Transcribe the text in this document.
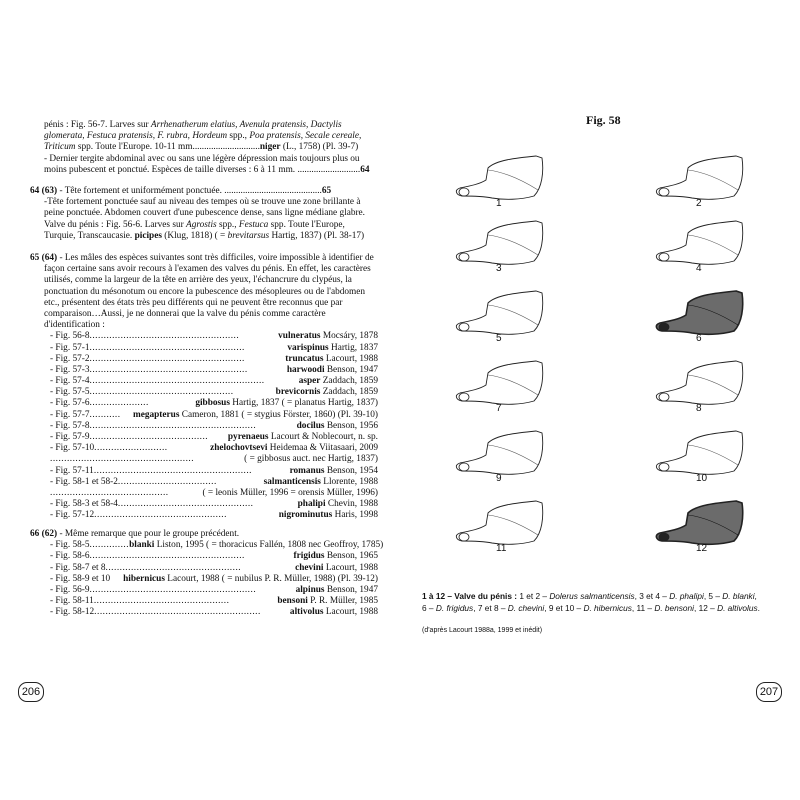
pénis : Fig. 56-7. Larves sur Arrhenatherum elatius, Avenula pratensis, Dactylis
glomerata, Festuca pratensis, F. rubra, Hordeum spp., Poa pratensis, Secale cereale,
Triticum spp. Toute l'Europe. 10-11 mm.............................niger (L., 1758) (Pl. 39-7)
- Dernier tergite abdominal avec ou sans une légère dépression mais toujours plus ou
moins pubescent et ponctué. Espèces de taille diverses : 6 à 11 mm. ...........................64
64 (63) - Tête fortement et uniformément ponctuée. ..........................................65
-Tête fortement ponctuée sauf au niveau des tempes où se trouve une zone brillante à
peine ponctuée. Abdomen couvert d'une pubescence dense, sans ligne médiane glabre.
Valve du pénis : Fig. 56-6. Larves sur Agrostis spp., Festuca spp. Toute l'Europe,
Turquie, Transcaucasie. picipes (Klug, 1818) ( = brevitarsus Hartig, 1837) (Pl. 38-17)
65 (64) - Les mâles des espèces suivantes sont très difficiles, voire impossible à identifier de
façon certaine sans avoir recours à l'examen des valves du pénis. En effet, les caractères
utilisés, comme la largeur de la tête en arrière des yeux, l'échancrure du clypéus, la
ponctuation du mésonotum ou encore la pubescence des mésopleures ou de l'abdomen
etc., présentent des états très peu différents qui ne peuvent être reconnus que par
comparaison…Aussi, je ne donnerai que la valve du pénis comme caractère
d'identification :
- Fig. 56-8 .....................................................	vulneratus Mocsáry, 1878
- Fig. 57-1 .......................................................	varispinus Hartig, 1837
- Fig. 57-2 .......................................................	truncatus Lacourt, 1988
- Fig. 57-3 ........................................................	harwoodi Benson, 1947
- Fig. 57-4 ..............................................................	asper Zaddach, 1859
- Fig. 57-5 ...................................................	brevicornis Zaddach, 1859
- Fig. 57-6 .....................	gibbosus Hartig, 1837 ( = planatus Hartig, 1837)
- Fig. 57-7 ...........	megapterus Cameron, 1881 ( = stygius Förster, 1860) (Pl. 39-10)
- Fig. 57-8 ...........................................................	docilus Benson, 1956
- Fig. 57-9 ..........................................	pyrenaeus Lacourt & Noblecourt, n. sp.
- Fig. 57-10 ..........................	zhelochovtsevi Heidemaa & Viitasaari, 2009
...................................................	( = gibbosus auct. nec Hartig, 1837)
- Fig. 57-11 ........................................................	romanus Benson, 1954
- Fig. 58-1 et 58-2 ...................................	salmanticensis Llorente, 1988
..........................................	( = leonis Müller, 1996 = orensis Müller, 1996)
- Fig. 58-3 et 58-4 ................................................	phalipi Chevin, 1988
- Fig. 57-12 ...............................................	nigrominutus Haris, 1998
66 (62) - Même remarque que pour le groupe précédent.
- Fig. 58-5 .............. blanki Liston, 1995 ( = thoracicus Fallén, 1808 nec Geoffroy, 1785)
- Fig. 58-6 .......................................................	frigidus Benson, 1965
- Fig. 58-7 et 8 ................................................	chevini Lacourt, 1988
- Fig. 58-9 et 10 hibernicus Lacourt, 1988 ( = nubilus P. R. Müller, 1988) (Pl. 39-12)
- Fig. 56-9 ...........................................................	alpinus Benson, 1947
- Fig. 58-11 ................................................	bensoni P. R. Müller, 1985
- Fig. 58-12 ...........................................................	altivolus Lacourt, 1988
206
Fig. 58
1	2
3	4
5	6
7	8
9	10
11	12
1 à 12 – Valve du pénis : 1 et 2 – Dolerus salmanticensis, 3 et 4 – D. phalipi, 5 – D. blanki,
6 – D. frigidus, 7 et 8 – D. chevini, 9 et 10 – D. hibernicus, 11 – D. bensoni, 12 – D. altivolus.
(d'après Lacourt 1988a, 1999 et inédit)
207
